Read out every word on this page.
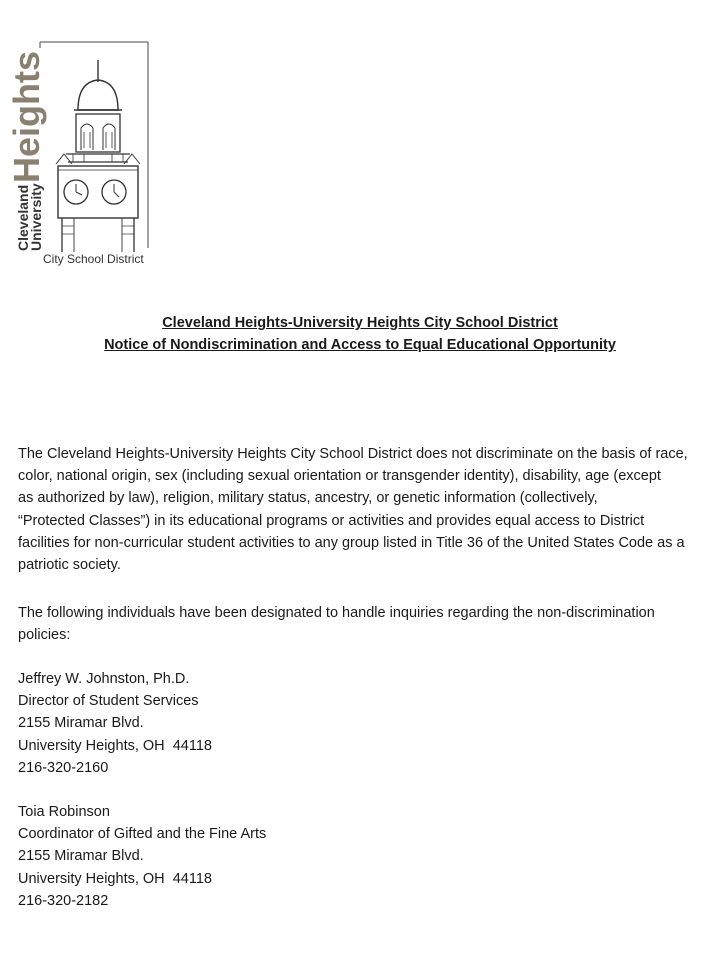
Cleveland
University
Heights
City School District
Cleveland Heights-University Heights City School District
Notice of Nondiscrimination and Access to Equal Educational Opportunity
The Cleveland Heights-University Heights City School District does not discriminate on the basis of race,
color, national origin, sex (including sexual orientation or transgender identity), disability, age (except
as authorized by law), religion, military status, ancestry, or genetic information (collectively,
“Protected Classes”) in its educational programs or activities and provides equal access to District
facilities for non-curricular student activities to any group listed in Title 36 of the United States Code as a
patriotic society.
The following individuals have been designated to handle inquiries regarding the non-discrimination
policies:
Jeffrey W. Johnston, Ph.D.
Director of Student Services
2155 Miramar Blvd.
University Heights, OH  44118
216-320-2160
Toia Robinson
Coordinator of Gifted and the Fine Arts
2155 Miramar Blvd.
University Heights, OH  44118
216-320-2182
